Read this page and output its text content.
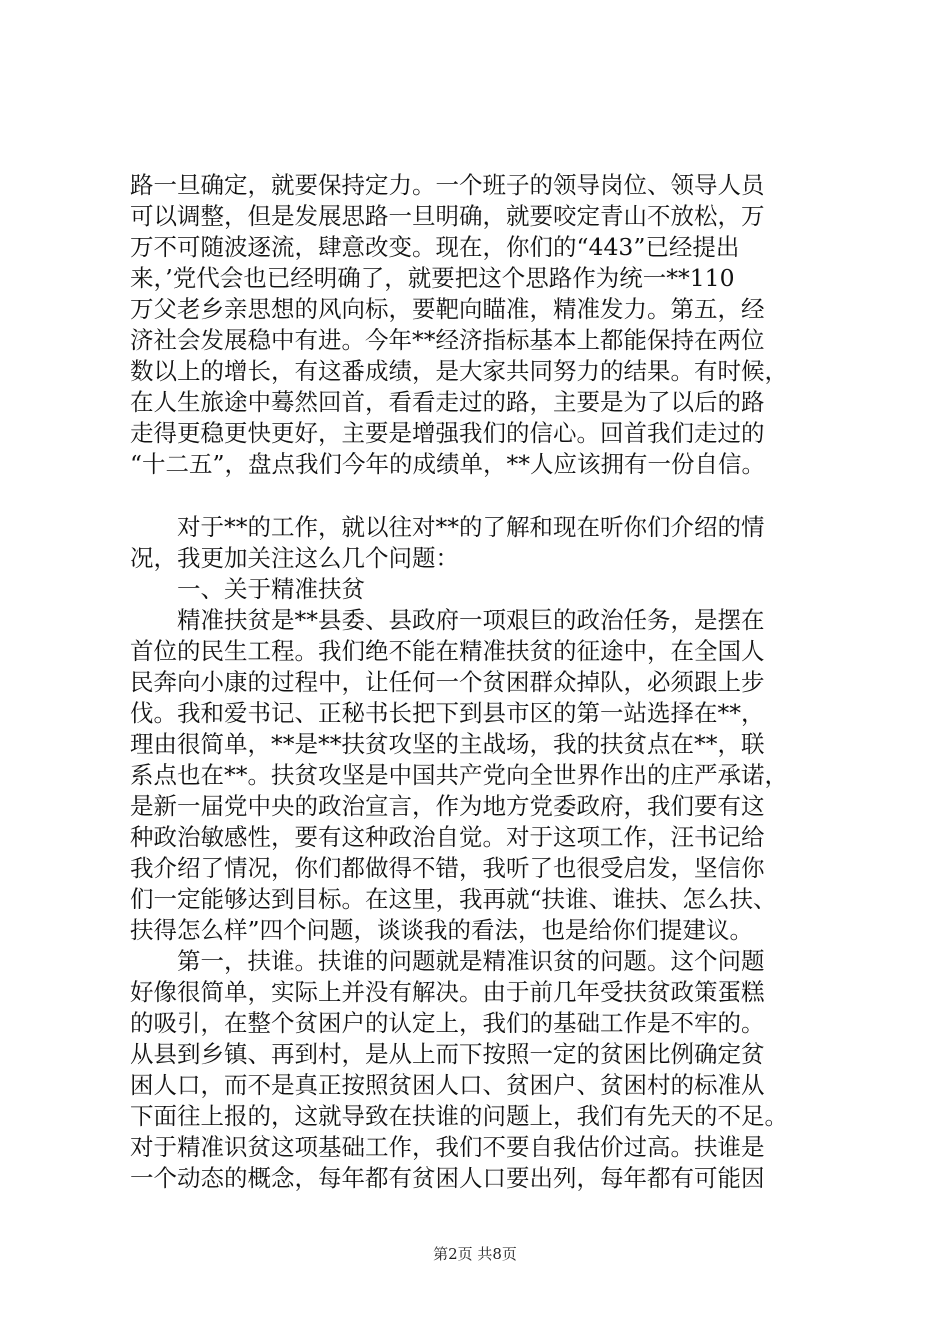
路一旦确定，就要保持定力。一个班子的领导岗位、领导人员
可以调整，但是发展思路一旦明确，就要咬定青山不放松，万
万不可随波逐流，肆意改变。现在，你们的“443”已经提出
来，’党代会也已经明确了，就要把这个思路作为统一**110
万父老乡亲思想的风向标，要靶向瞄准，精准发力。第五，经
济社会发展稳中有进。今年**经济指标基本上都能保持在两位
数以上的增长，有这番成绩，是大家共同努力的结果。有时候，
在人生旅途中蓦然回首，看看走过的路，主要是为了以后的路
走得更稳更快更好，主要是增强我们的信心。回首我们走过的
“十二五”，盘点我们今年的成绩单，**人应该拥有一份自信。
　　对于**的工作，就以往对**的了解和现在听你们介绍的情
况，我更加关注这么几个问题：
　　一、关于精准扶贫
　　精准扶贫是**县委、县政府一项艰巨的政治任务，是摆在
首位的民生工程。我们绝不能在精准扶贫的征途中，在全国人
民奔向小康的过程中，让任何一个贫困群众掉队，必须跟上步
伐。我和爱书记、正秘书长把下到县市区的第一站选择在**，
理由很简单，**是**扶贫攻坚的主战场，我的扶贫点在**，联
系点也在**。扶贫攻坚是中国共产党向全世界作出的庄严承诺，
是新一届党中央的政治宣言，作为地方党委政府，我们要有这
种政治敏感性，要有这种政治自觉。对于这项工作，汪书记给
我介绍了情况，你们都做得不错，我听了也很受启发，坚信你
们一定能够达到目标。在这里，我再就“扶谁、谁扶、怎么扶、
扶得怎么样”四个问题，谈谈我的看法，也是给你们提建议。
　　第一，扶谁。扶谁的问题就是精准识贫的问题。这个问题
好像很简单，实际上并没有解决。由于前几年受扶贫政策蛋糕
的吸引，在整个贫困户的认定上，我们的基础工作是不牢的。
从县到乡镇、再到村，是从上而下按照一定的贫困比例确定贫
困人口，而不是真正按照贫困人口、贫困户、贫困村的标准从
下面往上报的，这就导致在扶谁的问题上，我们有先天的不足。
对于精准识贫这项基础工作，我们不要自我估价过高。扶谁是
一个动态的概念，每年都有贫困人口要出列，每年都有可能因
第2页 共8页
